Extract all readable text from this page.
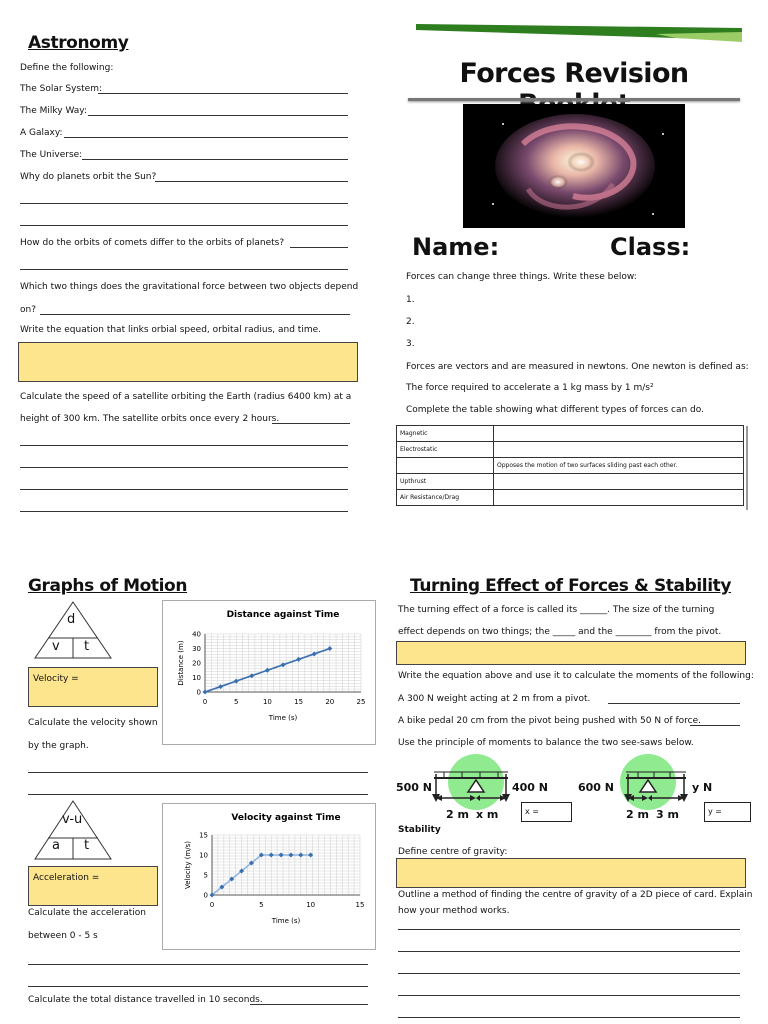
Astronomy
Define the following:
The Solar System:
The Milky Way:
A Galaxy:
The Universe:
Why do planets orbit the Sun?
How do the orbits of comets differ to the orbits of planets?
Which two things does the gravitational force between two objects depend
on?
Write the equation that links orbial speed, orbital radius, and time.
Calculate the speed of a satellite orbiting the Earth (radius 6400 km) at a
height of 300 km. The satellite orbits once every 2 hours.
Forces Revision
Name:	Class:
Forces can change three things. Write these below:
1.
2.
3.
Forces are vectors and are measured in newtons. One newton is defined as:
The force required to accelerate a 1 kg mass by 1 m/s²
Complete the table showing what different types of forces can do.
Magnetic	
Electrostatic	
	Opposes the motion of two surfaces sliding past each other.
Upthrust	
Air Resistance/Drag	
Graphs of Motion
d
v t
Velocity =
Calculate the velocity shown
by the graph.
v-u
a t
Acceleration =
Calculate the acceleration
between 0 - 5 s
Calculate the total distance travelled in 10 seconds.
Distance against Time
0	5	10	15	20	25
0
10
20
30
40
Time (s)
Distance (m)
Velocity against Time
0	5	10	15
0
5
10
15
Time (s)
Velocity (m/s)
Turning Effect of Forces & Stability
The turning effect of a force is called its ______. The size of the turning
effect depends on two things; the _____ and the ________ from the pivot.
Write the equation above and use it to calculate the moments of the following:
A 300 N weight acting at 2 m from a pivot.
A bike pedal 20 cm from the pivot being pushed with 50 N of force.
Use the principle of moments to balance the two see-saws below.
500 N	400 N
2 m x m	x =
600 N	y N
2 m 3 m	y =
Stability
Define centre of gravity:
Outline a method of finding the centre of gravity of a 2D piece of card. Explain
how your method works.
